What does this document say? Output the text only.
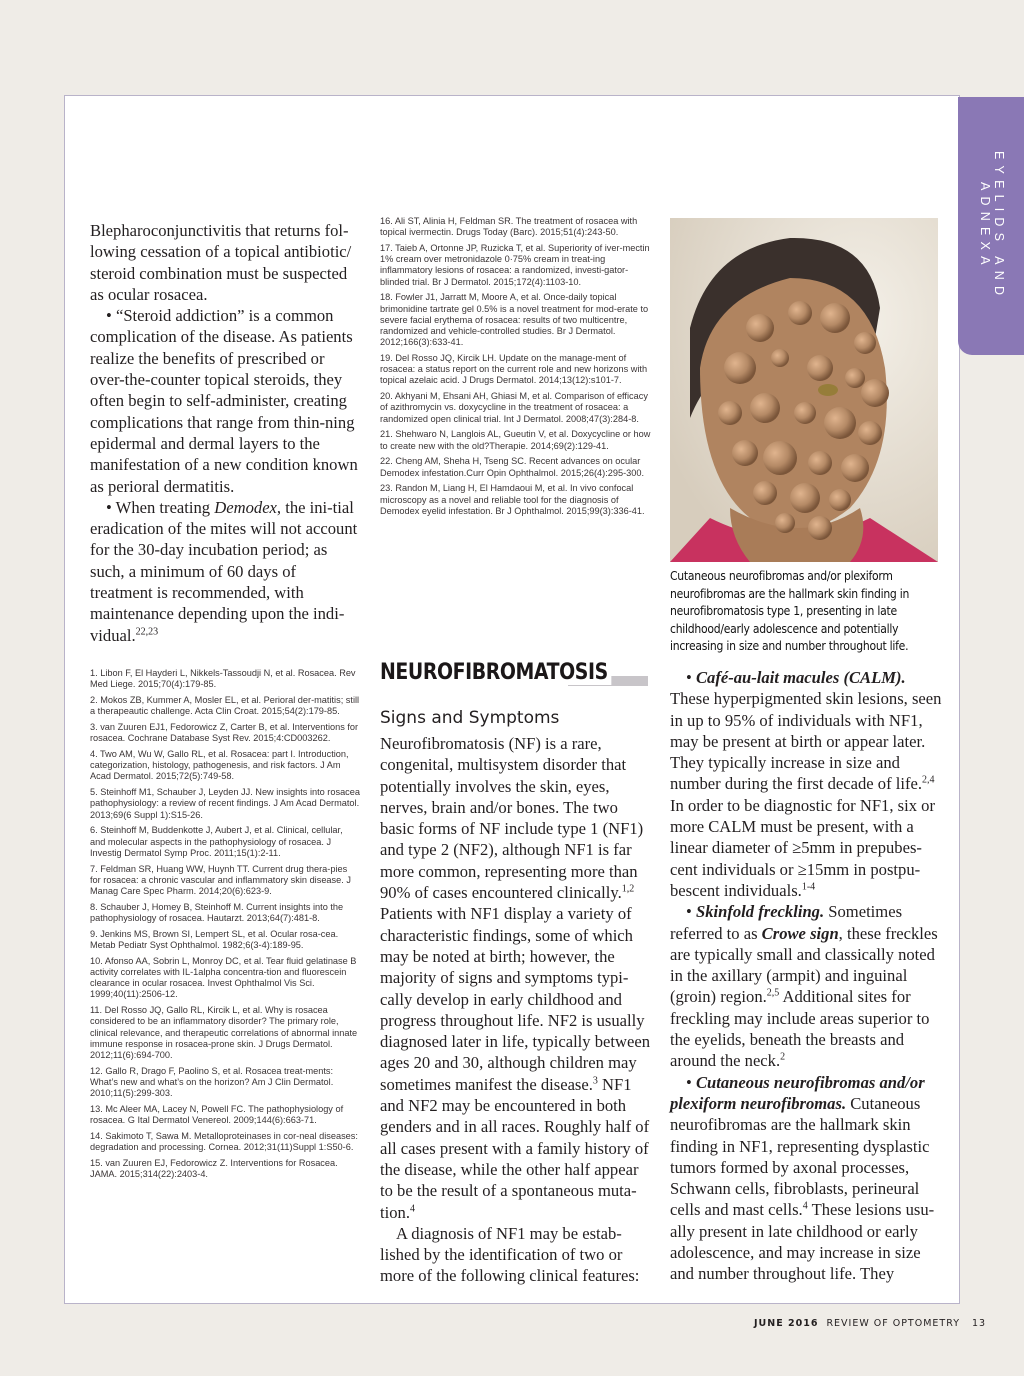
EYELIDS AND ADNEXA

Blepharoconjunctivitis that returns fol-lowing cessation of a topical antibiotic/ steroid combination must be suspected as ocular rosacea.

• “Steroid addiction” is a common complication of the disease. As patients realize the benefits of prescribed or over-the-counter topical steroids, they often begin to self-administer, creating complications that range from thin-ning epidermal and dermal layers to the manifestation of a new condition known as perioral dermatitis.

• When treating Demodex, the ini-tial eradication of the mites will not account for the 30-day incubation period; as such, a minimum of 60 days of treatment is recommended, with maintenance depending upon the indi-vidual.$^{22,23}$

1. Libon F, El Hayderi L, Nikkels-Tassoudji N, et al. Rosacea. Rev Med Liege. 2015;70(4):179-85.
2. Mokos ZB, Kummer A, Mosler EL, et al. Perioral der-matitis; still a therapeautic challenge. Acta Clin Croat. 2015;54(2):179-85.
3. van Zuuren EJ1, Fedorowicz Z, Carter B, et al. Interventions for rosacea. Cochrane Database Syst Rev. 2015;4:CD003262.
4. Two AM, Wu W, Gallo RL, et al. Rosacea: part I. Introduction, categorization, histology, pathogenesis, and risk factors. J Am Acad Dermatol. 2015;72(5):749-58.
5. Steinhoff M1, Schauber J, Leyden JJ. New insights into rosacea pathophysiology: a review of recent findings. J Am Acad Dermatol. 2013;69(6 Suppl 1):S15-26.
6. Steinhoff M, Buddenkotte J, Aubert J, et al. Clinical, cellular, and molecular aspects in the pathophysiology of rosacea. J Investig Dermatol Symp Proc. 2011;15(1):2-11.
7. Feldman SR, Huang WW, Huynh TT. Current drug thera-pies for rosacea: a chronic vascular and inflammatory skin disease. J Manag Care Spec Pharm. 2014;20(6):623-9.
8. Schauber J, Homey B, Steinhoff M. Current insights into the pathophysiology of rosacea. Hautarzt. 2013;64(7):481-8.
9. Jenkins MS, Brown SI, Lempert SL, et al. Ocular rosa-cea. Metab Pediatr Syst Ophthalmol. 1982;6(3-4):189-95.
10. Afonso AA, Sobrin L, Monroy DC, et al. Tear fluid gelatinase B activity correlates with IL-1alpha concentra-tion and fluorescein clearance in ocular rosacea. Invest Ophthalmol Vis Sci. 1999;40(11):2506-12.
11. Del Rosso JQ, Gallo RL, Kircik L, et al. Why is rosacea considered to be an inflammatory disorder? The primary role, clinical relevance, and therapeutic correlations of abnormal innate immune response in rosacea-prone skin. J Drugs Dermatol. 2012;11(6):694-700.
12. Gallo R, Drago F, Paolino S, et al. Rosacea treat-ments: What’s new and what’s on the horizon? Am J Clin Dermatol. 2010;11(5):299-303.
13. Mc Aleer MA, Lacey N, Powell FC. The pathophysiology of rosacea. G Ital Dermatol Venereol. 2009;144(6):663-71.
14. Sakimoto T, Sawa M. Metalloproteinases in cor-neal diseases: degradation and processing. Cornea. 2012;31(11)Suppl 1:S50-6.
15. van Zuuren EJ, Fedorowicz Z. Interventions for Rosacea. JAMA. 2015;314(22):2403-4.
16. Ali ST, Alinia H, Feldman SR. The treatment of rosacea with topical ivermectin. Drugs Today (Barc). 2015;51(4):243-50.
17. Taieb A, Ortonne JP, Ruzicka T, et al. Superiority of iver-mectin 1% cream over metronidazole 0·75% cream in treat-ing inflammatory lesions of rosacea: a randomized, investi-gator-blinded trial. Br J Dermatol. 2015;172(4):1103-10.
18. Fowler J1, Jarratt M, Moore A, et al. Once-daily topical brimonidine tartrate gel 0.5% is a novel treatment for mod-erate to severe facial erythema of rosacea: results of two multicentre, randomized and vehicle-controlled studies. Br J Dermatol. 2012;166(3):633-41.
19. Del Rosso JQ, Kircik LH. Update on the manage-ment of rosacea: a status report on the current role and new horizons with topical azelaic acid. J Drugs Dermatol. 2014;13(12):s101-7.
20. Akhyani M, Ehsani AH, Ghiasi M, et al. Comparison of efficacy of azithromycin vs. doxycycline in the treatment of rosacea: a randomized open clinical trial. Int J Dermatol. 2008;47(3):284-8.
21. Shehwaro N, Langlois AL, Gueutin V, et al. Doxycycline or how to create new with the old?Therapie. 2014;69(2):129-41.
22. Cheng AM, Sheha H, Tseng SC. Recent advances on ocular Demodex infestation.Curr Opin Ophthalmol. 2015;26(4):295-300.
23. Randon M, Liang H, El Hamdaoui M, et al. In vivo confocal microscopy as a novel and reliable tool for the diagnosis of Demodex eyelid infestation. Br J Ophthalmol. 2015;99(3):336-41.
Cutaneous neurofibromas and/or plexiform neurofibromas are the hallmark skin finding in neurofibromatosis type 1, presenting in late childhood/early adolescence and potentially increasing in size and number throughout life.
NEUROFIBROMATOSIS
Signs and Symptoms

Neurofibromatosis (NF) is a rare, congenital, multisystem disorder that potentially involves the skin, eyes, nerves, brain and/or bones. The two basic forms of NF include type 1 (NF1) and type 2 (NF2), although NF1 is far more common, representing more than 90% of cases encountered clinically.$^{1,2}$ Patients with NF1 display a variety of characteristic findings, some of which may be noted at birth; however, the majority of signs and symptoms typi-cally develop in early childhood and progress throughout life. NF2 is usually diagnosed later in life, typically between ages 20 and 30, although children may sometimes manifest the disease.$^3$ NF1 and NF2 may be encountered in both genders and in all races. Roughly half of all cases present with a family history of the disease, while the other half appear to be the result of a spontaneous muta-tion.$^4$

A diagnosis of NF1 may be estab-lished by the identification of two or more of the following clinical features:

• Café-au-lait macules (CALM). These hyperpigmented skin lesions, seen in up to 95% of individuals with NF1, may be present at birth or appear later. They typically increase in size and number during the first decade of life.$^{2,4}$ In order to be diagnostic for NF1, six or more CALM must be present, with a linear diameter of ≥5mm in prepubes-cent individuals or ≥15mm in postpu-bescent individuals.$^{1-4}$

• Skinfold freckling. Sometimes referred to as Crowe sign, these freckles are typically small and classically noted in the axillary (armpit) and inguinal (groin) region.$^{2,5}$ Additional sites for freckling may include areas superior to the eyelids, beneath the breasts and around the neck.$^2$

• Cutaneous neurofibromas and/or plexiform neurofibromas. Cutaneous neurofibromas are the hallmark skin finding in NF1, representing dysplastic tumors formed by axonal processes, Schwann cells, fibroblasts, perineural cells and mast cells.$^4$ These lesions usu-ally present in late childhood or early adolescence, and may increase in size and number throughout life. They

JUNE 2016 REVIEW OF OPTOMETRY 13
